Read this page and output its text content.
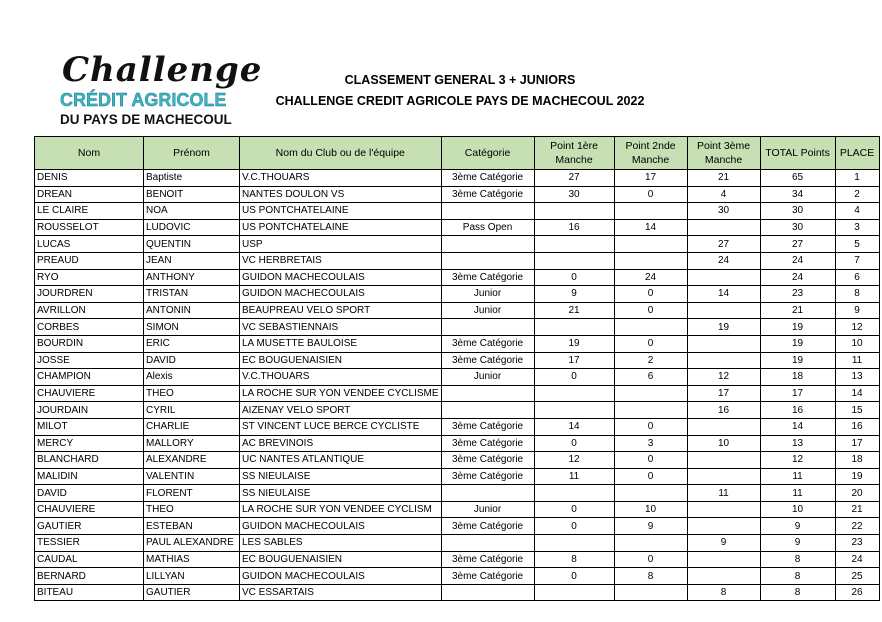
Challenge
CRÉDIT AGRICOLE
DU PAYS DE MACHECOUL
CLASSEMENT GENERAL 3 + JUNIORS
CHALLENGE CREDIT AGRICOLE PAYS DE MACHECOUL 2022
Nom	Prénom	Nom du Club ou de l'équipe	Catégorie	Point 1ère Manche	Point 2nde Manche	Point 3ème Manche	TOTAL Points	PLACE
DENIS	Baptiste	V.C.THOUARS	3ème Catégorie	27	17	21	65	1
DREAN	BENOIT	NANTES DOULON VS	3ème Catégorie	30	0	4	34	2
LE CLAIRE	NOA	US PONTCHATELAINE				30	30	4
ROUSSELOT	LUDOVIC	US PONTCHATELAINE	Pass Open	16	14		30	3
LUCAS	QUENTIN	USP				27	27	5
PREAUD	JEAN	VC HERBRETAIS				24	24	7
RYO	ANTHONY	GUIDON MACHECOULAIS	3ème Catégorie	0	24		24	6
JOURDREN	TRISTAN	GUIDON MACHECOULAIS	Junior	9	0	14	23	8
AVRILLON	ANTONIN	BEAUPREAU VELO SPORT	Junior	21	0		21	9
CORBES	SIMON	VC SEBASTIENNAIS				19	19	12
BOURDIN	ERIC	LA MUSETTE BAULOISE	3ème Catégorie	19	0		19	10
JOSSE	DAVID	EC BOUGUENAISIEN	3ème Catégorie	17	2		19	11
CHAMPION	Alexis	V.C.THOUARS	Junior	0	6	12	18	13
CHAUVIERE	THEO	LA ROCHE SUR YON VENDEE CYCLISME				17	17	14
JOURDAIN	CYRIL	AIZENAY VELO SPORT				16	16	15
MILOT	CHARLIE	ST VINCENT LUCE BERCE CYCLISTE	3ème Catégorie	14	0		14	16
MERCY	MALLORY	AC BREVINOIS	3ème Catégorie	0	3	10	13	17
BLANCHARD	ALEXANDRE	UC NANTES ATLANTIQUE	3ème Catégorie	12	0		12	18
MALIDIN	VALENTIN	SS NIEULAISE	3ème Catégorie	11	0		11	19
DAVID	FLORENT	SS NIEULAISE				11	11	20
CHAUVIERE	THEO	LA ROCHE SUR YON VENDEE CYCLISM	Junior	0	10		10	21
GAUTIER	ESTEBAN	GUIDON MACHECOULAIS	3ème Catégorie	0	9		9	22
TESSIER	PAUL ALEXANDRE	LES SABLES				9	9	23
CAUDAL	MATHIAS	EC BOUGUENAISIEN	3ème Catégorie	8	0		8	24
BERNARD	LILLYAN	GUIDON MACHECOULAIS	3ème Catégorie	0	8		8	25
BITEAU	GAUTIER	VC ESSARTAIS				8	8	26
